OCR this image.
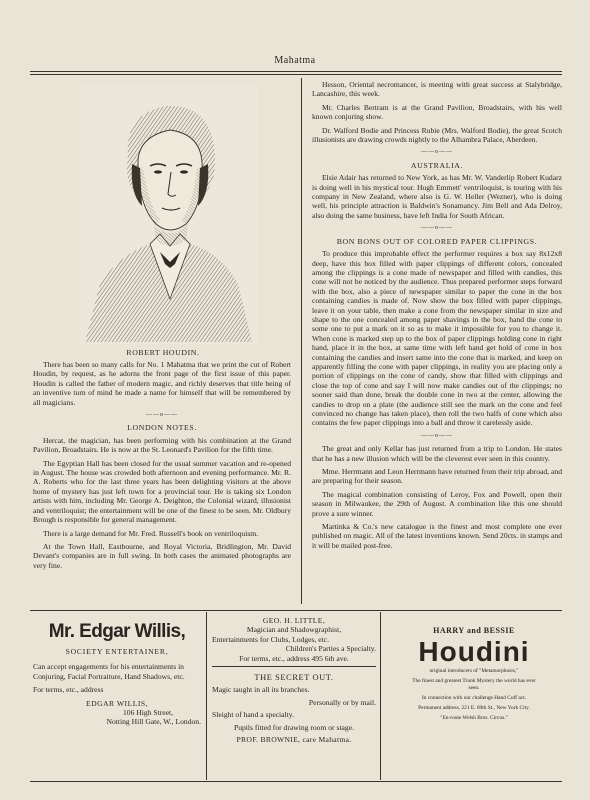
Mahatma
ROBERT HOUDIN.

There has been so many calls for No. 1 Mahatma that we print the cut of Robert Houdin, by request, as he adorns the front page of the first issue of this paper. Houdin is called the father of modern magic, and richly deserves that title being of an inventive turn of mind he made a name for himself that will be remembered by all magicians.

——o——
LONDON NOTES.

Hercat, the magician, has been performing with his combination at the Grand Pavilion, Broadstairs. He is now at the St. Leonard's Pavilion for the fifth time.

The Egyptian Hall has been closed for the usual summer vacation and re-opened in August. The house was crowded both afternoon and evening performance. Mr. R. A. Roberts who for the last three years has been delighting visitors at the above home of mystery has just left town for a provincial tour. He is taking six London artists with him, including Mr. George A. Deighton, the Colonial wizard, illusionist and ventriloquist; the entertainment will be one of the finest to be seen. Mr. Oldbury Brough is responsible for general management.

There is a large demand for Mr. Fred. Russell's book on ventriloquism.

At the Town Hall, Eastbourne, and Royal Victoria, Bridlington, Mr. David Devant's companies are in full swing. In both cases the animated photographs are very fine.

Hesson, Oriental necromancer, is meeting with great success at Stalybridge, Lancashire, this week.

Mr. Charles Bertram is at the Grand Pavilion, Broadstairs, with his well known conjuring show.

Dr. Walford Bodie and Princess Rubie (Mrs. Walford Bodie), the great Scotch illusionists are drawing crowds nightly to the Alhambra Palace, Aberdeen.

——o——
AUSTRALIA.

Elsie Adair has returned to New York, as has Mr. W. Vanderlip Robert Kudarz is doing well in his mystical tour. Hugh Emmett' ventriloquist, is touring with his company in New Zealand, where also is G. W. Heller (Wezner), who is doing well, his principle attraction is Baldwin's Sonamancy. Jim Bell and Ada Delroy, also doing the same business, have left India for South African.

——o——
BON BONS OUT OF COLORED PAPER CLIPPINGS.

To produce this improbable effect the performer requires a box say 8x12x8 deep, have this box filled with paper clippings of different colors, concealed among the clippings is a cone made of newspaper and filled with candies, this cone will not be noticed by the audience. Thus prepared performer steps forward with the box, also a piece of newspaper similar to paper the cone in the box containing candies is made of. Now show the box filled with paper clippings, leave it on your table, then make a cone from the newspaper similar in size and shape to the one concealed among paper shavings in the box, hand the cone to some one to put a mark on it so as to make it impossible for you to change it. When cone is marked step up to the box of paper clippings holding cone in right hand, place it in the box, at same time with left hand get hold of cone in box containing the candies and insert same into the cone that is marked, and keep on apparently filling the cone with paper clippings, in reality you are placing only a portion of clippings on the cone of candy, show that filled with clippings and close the top of cone and say I will now make candies out of the clippings; no sooner said than done, break the double cone in two at the center, allowing the candies to drop on a plate (the audience still see the mark on the cone and feel convinced no change has taken place), then roll the two halfs of cone which also contains the few paper clippings into a ball and throw it carelessly aside.

——o——

The great and only Kellar has just returned from a trip to London. He states that he has a new illusion which will be the cleverest ever seen in this country.

Mme. Herrmann and Leon Herrmann have returned from their trip abroad, and are preparing for their season.

The magical combination consisting of Leroy, Fox and Powell, open their season in Milwaukee, the 29th of August. A combination like this one should prove a sure winner.

Martinka & Co.'s new catalogue is the finest and most complete one ever published on magic. All of the latest inventions known. Send 20cts. in stamps and it will be mailed post-free.

Mr. Edgar Willis,
SOCIETY ENTERTAINER,
Can accept engagements for his entertainments in Conjuring, Facial Portraiture, Hand Shadows, etc.
For terms, etc., address
EDGAR WILLIS,
106 High Street,
Notting Hill Gate, W., London.
GEO. H. LITTLE,
Magician and Shadowgraphist,
Entertainments for Clubs, Lodges, etc.
Children's Parties a Specialty.
For terms, etc., address 495 6th ave.
THE SECRET OUT.
Magic taught in all its branches.
Personally or by mail.
Sleight of hand a specialty.
Pupils fitted for drawing room or stage.
PROF. BROWNIE, care Mahatma.
HARRY and BESSIE
Houdini
original introducers of "Metamorphosis,"
The finest and greatest Trunk Mystery the world has ever seen.
In connection with our challenge Hand Cuff act.
Permanent address, 221 E. 69th St., New York City.
"En-route Welsh Bros. Circus."
